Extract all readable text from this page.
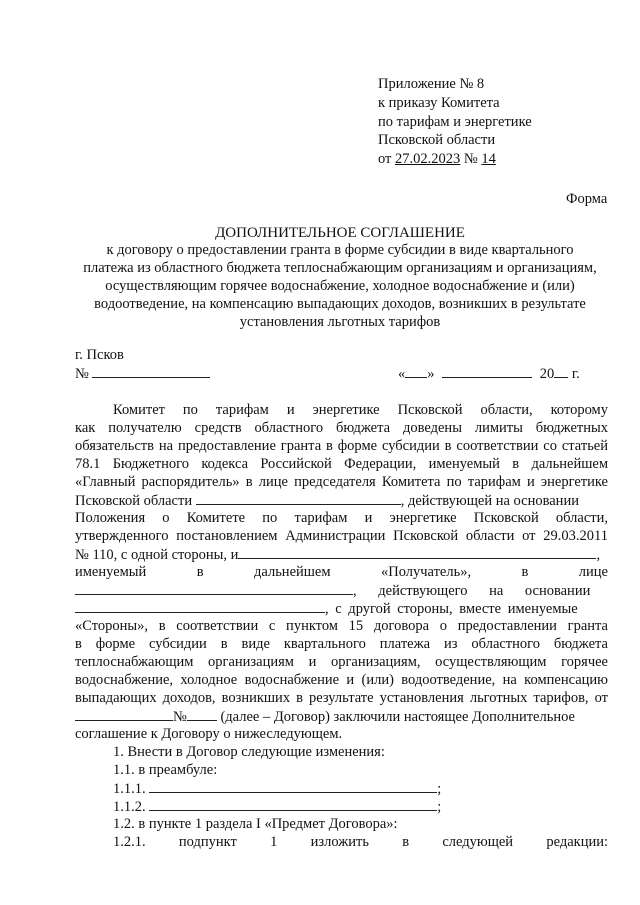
Приложение № 8
к приказу Комитета
по тарифам и энергетике
Псковской области
от 27.02.2023 № 14
Форма
ДОПОЛНИТЕЛЬНОЕ СОГЛАШЕНИЕ
к договору о предоставлении гранта в форме субсидии в виде квартального
платежа из областного бюджета теплоснабжающим организациям и организациям,
осуществляющим горячее водоснабжение, холодное водоснабжение и (или)
водоотведение, на компенсацию выпадающих доходов, возникших в результате
установления льготных тарифов
г. Псков
№	« »	20 г.
Комитет по тарифам и энергетике Псковской области, которому
как получателю средств областного бюджета доведены лимиты бюджетных
обязательств на предоставление гранта в форме субсидии в соответствии со статьей
78.1 Бюджетного кодекса Российской Федерации, именуемый в дальнейшем
«Главный распорядитель» в лице председателя Комитета по тарифам и энергетике
Псковской области	, действующей на основании
Положения о Комитете по тарифам и энергетике Псковской области,
утвержденного постановлением Администрации Псковской области от 29.03.2011
№ 110, с одной стороны, и	,
именуемый в дальнейшем «Получатель», в лице
, действующего на основании
, с другой стороны, вместе именуемые
«Стороны», в соответствии с пунктом 15 договора о предоставлении гранта
в форме субсидии в виде квартального платежа из областного бюджета
теплоснабжающим организациям и организациям, осуществляющим горячее
водоснабжение, холодное водоснабжение и (или) водоотведение, на компенсацию
выпадающих доходов, возникших в результате установления льготных тарифов, от
№ (далее – Договор) заключили настоящее Дополнительное
соглашение к Договору о нижеследующем.
1. Внести в Договор следующие изменения:
1.1. в преамбуле:
1.1.1.	;
1.1.2.	;
1.2. в пункте 1 раздела I «Предмет Договора»:
1.2.1. подпункт 1 изложить в следующей редакции:
